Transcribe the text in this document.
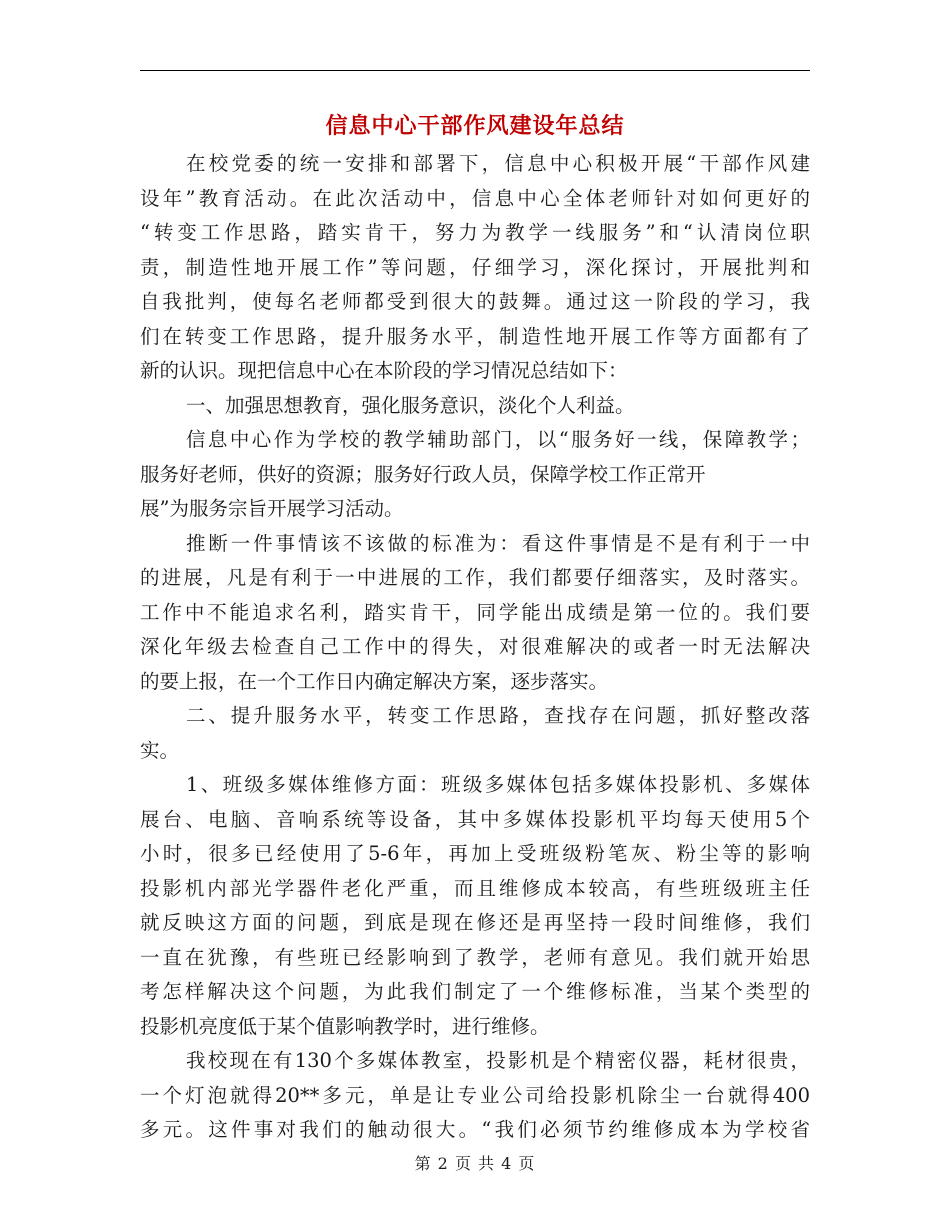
信息中心干部作风建设年总结
在校党委的统一安排和部署下，信息中心积极开展“干部作风建
设年”教育活动。在此次活动中，信息中心全体老师针对如何更好的
“转变工作思路，踏实肯干，努力为教学一线服务”和“认清岗位职
责，制造性地开展工作”等问题，仔细学习，深化探讨，开展批判和
自我批判，使每名老师都受到很大的鼓舞。通过这一阶段的学习，我
们在转变工作思路，提升服务水平，制造性地开展工作等方面都有了
新的认识。现把信息中心在本阶段的学习情况总结如下：
一、加强思想教育，强化服务意识，淡化个人利益。
信息中心作为学校的教学辅助部门，以“服务好一线，保障教学；
服务好老师，供好的资源；服务好行政人员，保障学校工作正常开
展”为服务宗旨开展学习活动。
推断一件事情该不该做的标准为：看这件事情是不是有利于一中
的进展，凡是有利于一中进展的工作，我们都要仔细落实，及时落实。
工作中不能追求名利，踏实肯干，同学能出成绩是第一位的。我们要
深化年级去检查自己工作中的得失，对很难解决的或者一时无法解决
的要上报，在一个工作日内确定解决方案，逐步落实。
二、提升服务水平，转变工作思路，查找存在问题，抓好整改落
实。
1、班级多媒体维修方面：班级多媒体包括多媒体投影机、多媒体
展台、电脑、音响系统等设备，其中多媒体投影机平均每天使用5个
小时，很多已经使用了5-6年，再加上受班级粉笔灰、粉尘等的影响
投影机内部光学器件老化严重，而且维修成本较高，有些班级班主任
就反映这方面的问题，到底是现在修还是再坚持一段时间维修，我们
一直在犹豫，有些班已经影响到了教学，老师有意见。我们就开始思
考怎样解决这个问题，为此我们制定了一个维修标准，当某个类型的
投影机亮度低于某个值影响教学时，进行维修。
我校现在有130个多媒体教室，投影机是个精密仪器，耗材很贵，
一个灯泡就得20**多元，单是让专业公司给投影机除尘一台就得400
多元。这件事对我们的触动很大。“我们必须节约维修成本为学校省
第 2 页 共 4 页
